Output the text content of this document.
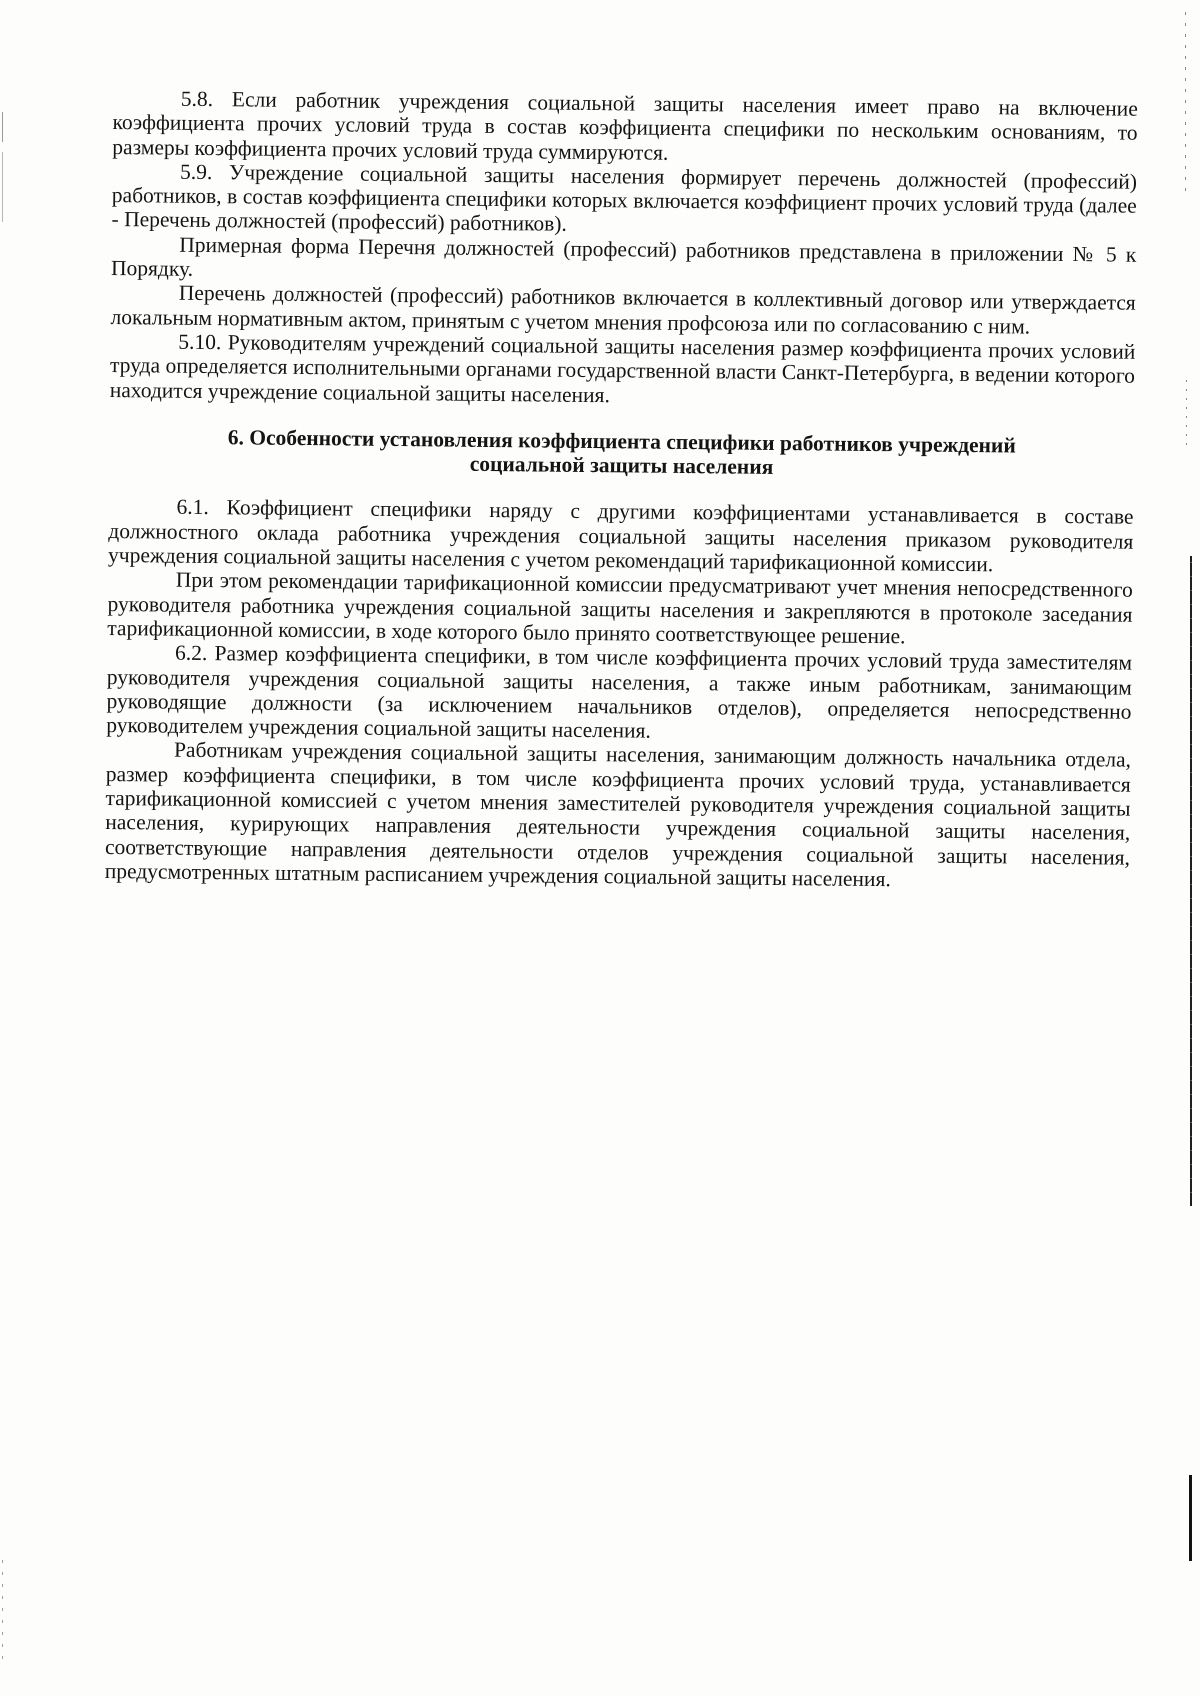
5.8. Если работник учреждения социальной защиты населения имеет право на включение коэффициента прочих условий труда в состав коэффициента специфики по нескольким основаниям, то размеры коэффициента прочих условий труда суммируются.

5.9. Учреждение социальной защиты населения формирует перечень должностей (профессий) работников, в состав коэффициента специфики которых включается коэффициент прочих условий труда (далее - Перечень должностей (профессий) работников).

Примерная форма Перечня должностей (профессий) работников представлена в приложении № 5 к Порядку.

Перечень должностей (профессий) работников включается в коллективный договор или утверждается локальным нормативным актом, принятым с учетом мнения профсоюза или по согласованию с ним.

5.10. Руководителям учреждений социальной защиты населения размер коэффициента прочих условий труда определяется исполнительными органами государственной власти Санкт-Петербурга, в ведении которого находится учреждение социальной защиты населения.

6. Особенности установления коэффициента специфики работников учреждений социальной защиты населения

6.1. Коэффициент специфики наряду с другими коэффициентами устанавливается в составе должностного оклада работника учреждения социальной защиты населения приказом руководителя учреждения социальной защиты населения с учетом рекомендаций тарификационной комиссии.

При этом рекомендации тарификационной комиссии предусматривают учет мнения непосредственного руководителя работника учреждения социальной защиты населения и закрепляются в протоколе заседания тарификационной комиссии, в ходе которого было принято соответствующее решение.

6.2. Размер коэффициента специфики, в том числе коэффициента прочих условий труда заместителям руководителя учреждения социальной защиты населения, а также иным работникам, занимающим руководящие должности (за исключением начальников отделов), определяется непосредственно руководителем учреждения социальной защиты населения.

Работникам учреждения социальной защиты населения, занимающим должность начальника отдела, размер коэффициента специфики, в том числе коэффициента прочих условий труда, устанавливается тарификационной комиссией с учетом мнения заместителей руководителя учреждения социальной защиты населения, курирующих направления деятельности учреждения социальной защиты населения, соответствующие направления деятельности отделов учреждения социальной защиты населения, предусмотренных штатным расписанием учреждения социальной защиты населения.
